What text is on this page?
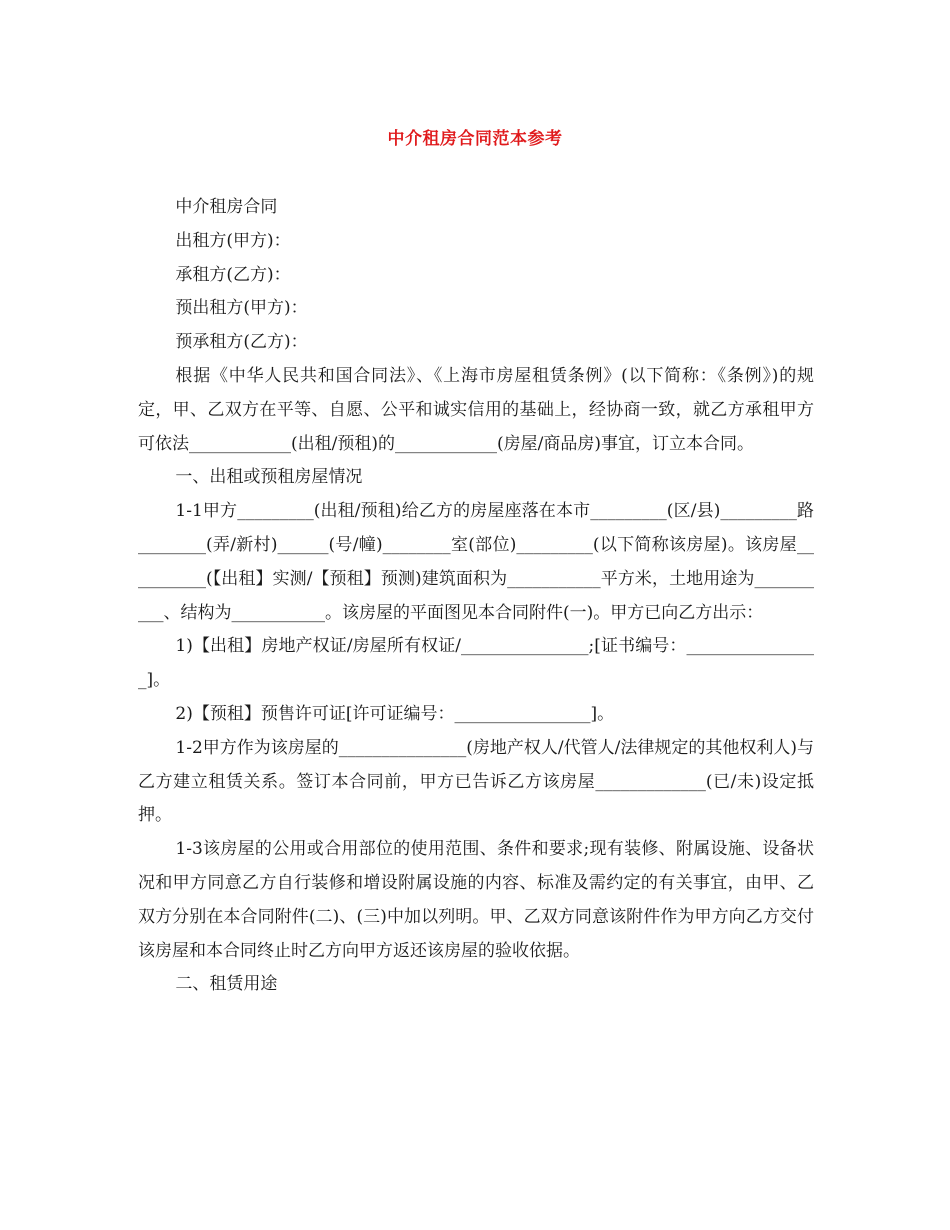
中介租房合同范本参考

中介租房合同

出租方(甲方)：

承租方(乙方)：

预出租方(甲方)：

预承租方(乙方)：

根据《中华人民共和国合同法》、《上海市房屋租赁条例》(以下简称：《条例》)的规定，甲、乙双方在平等、自愿、公平和诚实信用的基础上，经协商一致，就乙方承租甲方可依法____________(出租/预租)的____________(房屋/商品房)事宜，订立本合同。

一、出租或预租房屋情况

1-1甲方_________(出租/预租)给乙方的房屋座落在本市_________(区/县)_________路________(弄/新村)______(号/幢)________室(部位)_________(以下简称该房屋)。该房屋__________(【出租】实测/【预租】预测)建筑面积为___________平方米，土地用途为__________、结构为___________。该房屋的平面图见本合同附件(一)。甲方已向乙方出示：

1)【出租】房地产权证/房屋所有权证/_______________;[证书编号：________________]。

2)【预租】预售许可证[许可证编号：________________]。

1-2甲方作为该房屋的_______________(房地产权人/代管人/法律规定的其他权利人)与乙方建立租赁关系。签订本合同前，甲方已告诉乙方该房屋_____________(已/未)设定抵押。

1-3该房屋的公用或合用部位的使用范围、条件和要求;现有装修、附属设施、设备状况和甲方同意乙方自行装修和增设附属设施的内容、标准及需约定的有关事宜，由甲、乙双方分别在本合同附件(二)、(三)中加以列明。甲、乙双方同意该附件作为甲方向乙方交付该房屋和本合同终止时乙方向甲方返还该房屋的验收依据。

二、租赁用途
